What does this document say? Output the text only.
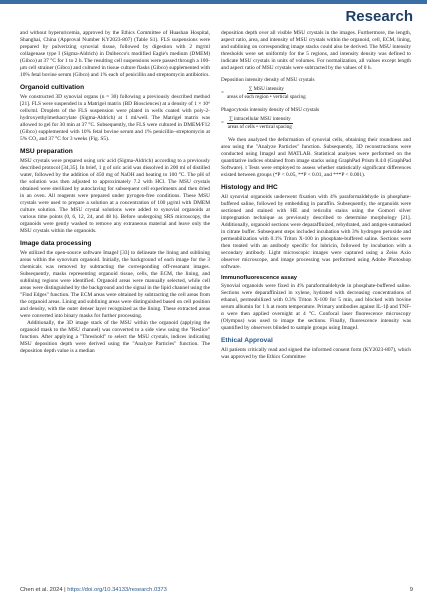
Research

and without hyperuricemia, approved by the Ethics Committee of Huashan Hospital, Shanghai, China (Approval Number KY2023-807) (Table S1). FLS suspensions were prepared by pulverizing synovial tissue, followed by digestion with 2 mg/ml collagenase type I (Sigma-Aldrich) in Dulbecco's modified Eagle's medium (DMEM) (Gibco) at 37 °C for 1 to 2 h. The resulting cell suspensions were passed through a 100-μm cell strainer (Gibco) and cultured in tissue culture flasks (Gibco) supplemented with 10% fetal bovine serum (Gibco) and 1% each of penicillin and streptomycin antibiotics.

Organoid cultivation

We constructed 3D synovial organs (n = 30) following a previously described method [21]. FLS were suspended in a Matrigel matrix (BD Biosciences) at a density of 1 × 10⁶ cells/ml. Droplets of the FLS suspension were plated in wells coated with poly-2-hydroxyethylmethacrylate (Sigma-Aldrich) at 1 ml/well. The Matrigel matrix was allowed to gel for 30 min at 37 °C. Subsequently, the FLS were cultured in DMEM/F12 (Gibco) supplemented with 10% fetal bovine serum and 1% penicillin–streptomycin at 5% CO₂ and 37 °C for 3 weeks (Fig. S5).

MSU preparation

MSU crystals were prepared using uric acid (Sigma-Aldrich) according to a previously described protocol [34,35]. In brief, 1 g of uric acid was dissolved in 200 ml of distilled water, followed by the addition of 450 mg of NaOH and heating to 100 °C. The pH of the solution was then adjusted to approximately 7.2 with HCl. The MSU crystals obtained were sterilized by autoclaving for subsequent cell experiments and then dried in an oven. All reagents were prepared under pyrogen-free conditions. These MSU crystals were used to prepare a solution at a concentration of 100 μg/ml with DMEM culture solution. The MSU crystal solutions were added to synovial organoids at various time points (0, 6, 12, 24, and 48 h). Before undergoing SRS microscopy, the organoids were gently washed to remove any extraneous material and leave only the MSU crystals within the organoids.

Image data processing

We utilized the open-source software ImageJ [33] to delineate the lining and sublining areas within the synovium organoid. Initially, the background of each image for the 3 chemicals was removed by subtracting the corresponding off-resonant images. Subsequently, masks representing organoid tissue, cells, the ECM, the lining, and sublining regions were identified. Organoid areas were manually selected, while cell areas were distinguished by the background and the signal in the lipid channel using the "Find Edges" function. The ECM areas were obtained by subtracting the cell areas from the organoid areas. Lining and sublining areas were distinguished based on cell position and density, with the outer denser layer recognized as the lining. These extracted areas were converted into binary masks for further processing.

Additionally, the 3D image stack of the MSU within the organoid (applying the organoid mask to the MSU channel) was converted to a side view using the "Reslice" function. After applying a "Threshold" to select the MSU crystals, indices indicating MSU deposition depth were derived using the "Analyze Particles" function. The deposition depth value is a median

deposition depth over all visible MSU crystals in the images. Furthermore, the length, aspect ratio, area, and intensity of MSU crystals within the organoid, cell, ECM, lining, and sublining on corresponding image stacks could also be derived. The MSU intensity thresholds were set uniformly for the 5 regions, and intensity density was defined to indicate MSU crystals in units of volumes. For normalization, all values except length and aspect ratio of MSU crystals were subtracted by the values of 0 h.

Deposition intensity density of MSU crystals
= $\frac{\text{∑ MSU intensity}}{\text{areas of each region • vertical spacing}}$
Phagocytosis intensity density of MSU crystals
= $\frac{\text{∑ intracellular MSU intensity}}{\text{areas of cells • vertical spacing}}$

We then analyzed the deformation of synovial cells, obtaining their roundness and area using the "Analyze Particles" function. Subsequently, 3D reconstructions were conducted using ImageJ and MATLAB. Statistical analyses were performed on the quantitative indices obtained from image stacks using GraphPad Prism 8.4.0 (GraphPad Software). t Tests were employed to assess whether statistically significant differences existed between groups (*P < 0.05, **P < 0.01, and ***P < 0.001).

Histology and IHC

All synovial organoids underwent fixation with 4% paraformaldehyde in phosphate-buffered saline, followed by embedding in paraffin. Subsequently, the organoids were sectioned and stained with HE and reticulin stains using the Gomori silver impregnation technique as previously described to determine morphology [21]. Additionally, organoid sections were deparaffinized, rehydrated, and antigen-unmasked in citrate buffer. Subsequent steps included incubation with 3% hydrogen peroxide and permeabilization with 0.1% Triton X-100 in phosphate-buffered saline. Sections were then treated with an antibody specific for lubricin, followed by incubation with a secondary antibody. Light microscopic images were captured using a Zeiss Axio observer microscope, and image processing was performed using Adobe Photoshop software.

Immunofluorescence assay

Synovial organoids were fixed in 4% paraformaldehyde in phosphate-buffered saline. Sections were deparaffinized in xylene, hydrated with decreasing concentrations of ethanol, permeabilized with 0.3% Triton X-100 for 5 min, and blocked with bovine serum albumin for 1 h at room temperature. Primary antibodies against IL-1β and TNF-α were then applied overnight at 4 °C. Confocal laser fluorescence microscopy (Olympus) was used to image the sections. Finally, fluorescence intensity was quantified by observers blinded to sample groups using ImageJ.

Ethical Approval

All patients critically read and signed the informed consent form (KY2023-807), which was approved by the Ethics Committee

Chen et al. 2024 | https://doi.org/10.34133/research.0373	9
